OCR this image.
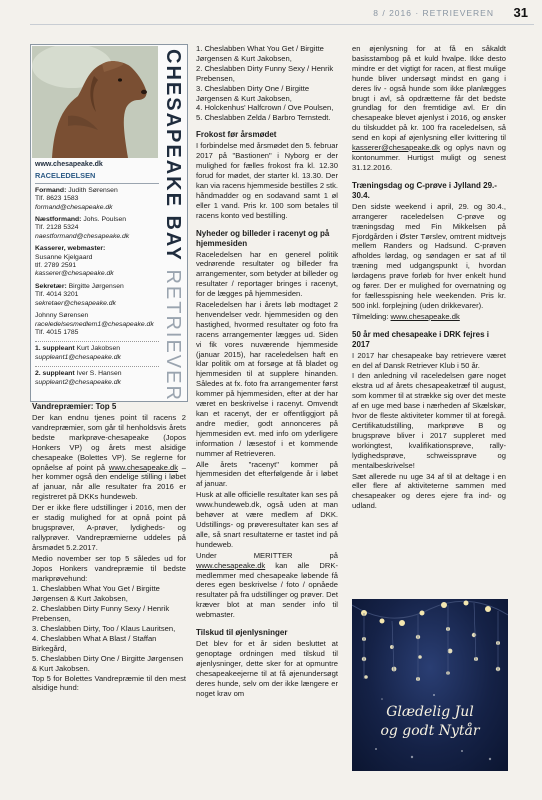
8 / 2016 · RETRIEVEREN 31
CHESAPEAKE BAY RETRIEVER
www.chesapeake.dk
RACELEDELSEN
Formand: Judith Sørensen
Tlf. 8623 1583
formand@chesapeake.dk
Næstformand: Johs. Poulsen
Tlf. 2128 5324
naestformand@chesapeake.dk
Kasserer, webmaster:
Susanne Kjelgaard
tlf. 2789 2591
kasserer@chesapeake.dk
Sekretær: Birgitte Jørgensen
Tlf. 4014 3201
sekretaer@chesapeake.dk
Johnny Sørensen
raceledelsesmedlem1@chesapeake.dk
Tlf. 4015 1785
1. suppleant Kurt Jakobsen
suppleant1@chesapeake.dk
2. suppleant Iver S. Hansen
suppleant2@chesapeake.dk
Vandrepræmier: Top 5
Der kan endnu tjenes point til racens 2 vandrepræmier, som går til henholdsvis årets bedste markprøve-chesapeake (Jopos Honkers VP) og årets mest alsidige chesapeake (Bolettes VP). Se reglerne for opnåelse af point på www.chesapeake.dk – her kommer også den endelige stilling i løbet af januar, når alle resultater fra 2016 er registreret på DKKs hundeweb.
Der er ikke flere udstillinger i 2016, men der er stadig mulighed for at opnå point på brugsprøver, A-prøver, lydigheds- og rallyprøver. Vandrepræmierne uddeles på årsmødet 5.2.2017.
Medio november ser top 5 således ud for Jopos Honkers vandrepræmie til bedste markprøvehund:
1. Cheslabben What You Get / Birgitte Jørgensen & Kurt Jakobsen,
2. Cheslabben Dirty Funny Sexy / Henrik Prebensen,
3. Cheslabben Dirty, Too / Klaus Lauritsen,
4. Cheslabben What A Blast / Staffan Birkegård,
5. Cheslabben Dirty One / Birgitte Jørgensen & Kurt Jakobsen.
Top 5 for Bolettes Vandrepræmie til den mest alsidige hund:
1. Cheslabben What You Get / Birgitte Jørgensen & Kurt Jakobsen,
2. Cheslabben Dirty Funny Sexy / Henrik Prebensen,
3. Cheslabben Dirty One / Birgitte Jørgensen & Kurt Jakobsen,
4. Holckenhus' Halfcrown / Ove Poulsen,
5. Cheslabben Zelda / Barbro Ternstedt.
Frokost før årsmødet
I forbindelse med årsmødet den 5. februar 2017 på "Bastionen" i Nyborg er der mulighed for fælles frokost fra kl. 12.30 forud for mødet, der starter kl. 13.30. Der kan via racens hjemmeside bestilles 2 stk. håndmadder og en sodavand samt 1 øl eller 1 vand. Pris kr. 100 som betales til racens konto ved bestilling.
Nyheder og billeder i racenyt og på hjemmesiden
Raceledelsen har en generel politik vedrørende resultater og billeder fra arrangementer, som betyder at billeder og resultater / reportager bringes i racenyt, for de lægges på hjemmesiden.
Raceledelsen har i årets løb modtaget 2 henvendelser vedr. hjemmesiden og den hastighed, hvormed resultater og foto fra racens arrangementer lægges ud. Siden vi fik vores nuværende hjemmeside (januar 2015), har raceledelsen haft en klar politik om at forsøge at få bladet og hjemmesiden til at supplere hinanden. Således at fx. foto fra arrangementer først kommer på hjemmesiden, efter at der har været en beskrivelse i racenyt. Omvendt kan et racenyt, der er offentliggjort på andre medier, godt annonceres på hjemmesiden evt. med info om yderligere information / læsestof i et kommende nummer af Retrieveren.
Alle årets "racenyt" kommer på hjemmesiden det efterfølgende år i løbet af januar.
Husk at alle officielle resultater kan ses på www.hundeweb.dk, også uden at man behøver at være medlem af DKK. Udstillings- og prøveresultater kan ses af alle, så snart resultaterne er tastet ind på hundeweb.
Under MERITTER på www.chesapeake.dk kan alle DRK-medlemmer med chesapeake løbende få deres egen beskrivelse / foto / opnåede resultater på fra udstillinger og prøver. Det kræver blot at man sender info til webmaster.
Tilskud til øjenlysninger
Det blev for et år siden besluttet at genoptage ordningen med tilskud til øjenlysninger, dette sker for at opmuntre chesapeakeejerne til at få øjenundersøgt deres hunde, selv om der ikke længere er noget krav om
en øjenlysning for at få en såkaldt basisstambog på et kuld hvalpe. Ikke desto mindre er det vigtigt for racen, at flest mulige hunde bliver undersøgt mindst en gang i deres liv - også hunde som ikke planlægges brugt i avl, så opdrætterne får det bedste grundlag for den fremtidige avl. Er din chesapeake blevet øjenlyst i 2016, og ønsker du tilskuddet på kr. 100 fra raceledelsen, så send en kopi af øjenlysning eller kvittering til kasserer@chesapeake.dk og oplys navn og kontonummer. Hurtigst muligt og senest 31.12.2016.
Træningsdag og C-prøve i Jylland 29.- 30.4.
Den sidste weekend i april, 29. og 30.4., arrangerer raceledelsen C-prøve og træningsdag med Fin Mikkelsen på Fjordgården i Øster Tørslev, omtrent midtvejs mellem Randers og Hadsund. C-prøven afholdes lørdag, og søndagen er sat af til træning med udgangspunkt i, hvordan lørdagens prøve forløb for hver enkelt hund og fører. Der er mulighed for overnatning og for fællesspisning hele weekenden. Pris kr. 500 inkl. forplejning (uden drikkevarer).
Tilmelding: www.chesapeake.dk
50 år med chesapeake i DRK fejres i 2017
I 2017 har chesapeake bay retrievere været en del af Dansk Retriever Klub i 50 år.
I den anledning vil raceledelsen gøre noget ekstra ud af årets chesapeaketræf til august, som kommer til at strække sig over det meste af en uge med base i nærheden af Skælskør, hvor de fleste aktiviteter kommer til at foregå. Certifikatudstilling, markprøve B og brugsprøve bliver i 2017 suppleret med workingtest, kvalifikationsprøve, rally-lydighedsprøve, schweissprøve og mentalbeskrivelse!
Sæt allerede nu uge 34 af til at deltage i en eller flere af aktiviteterne sammen med chesapeaker og deres ejere fra ind- og udland.
Glædelig Jul
og godt Nytår
